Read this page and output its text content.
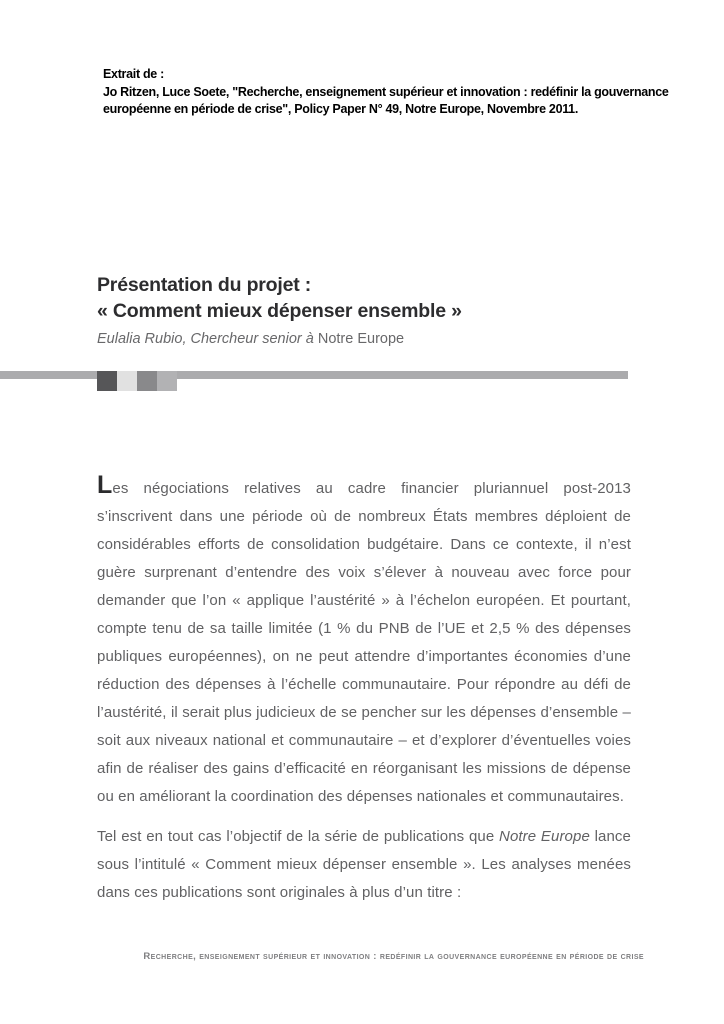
Extrait de :
Jo Ritzen, Luce Soete, "Recherche, enseignement supérieur et innovation : redéfinir la gouvernance européenne en période de crise", Policy Paper N° 49, Notre Europe, Novembre 2011.
Présentation du projet :
« Comment mieux dépenser ensemble »
Eulalia Rubio, Chercheur senior à Notre Europe

Les négociations relatives au cadre financier pluriannuel post-2013 s’inscrivent dans une période où de nombreux États membres déploient de considérables efforts de consolidation budgétaire. Dans ce contexte, il n’est guère surprenant d’entendre des voix s’élever à nouveau avec force pour demander que l’on « applique l’austérité » à l’échelon européen. Et pourtant, compte tenu de sa taille limitée (1 % du PNB de l’UE et 2,5 % des dépenses publiques européennes), on ne peut attendre d’importantes économies d’une réduction des dépenses à l’échelle communautaire. Pour répondre au défi de l’austérité, il serait plus judicieux de se pencher sur les dépenses d’ensemble – soit aux niveaux national et communautaire – et d’explorer d’éventuelles voies afin de réaliser des gains d’efficacité en réorganisant les missions de dépense ou en améliorant la coordination des dépenses nationales et communautaires.

Tel est en tout cas l’objectif de la série de publications que Notre Europe lance sous l’intitulé « Comment mieux dépenser ensemble ». Les analyses menées dans ces publications sont originales à plus d’un titre :

Recherche, enseignement supérieur et innovation : redéfinir la gouvernance européenne en période de crise
